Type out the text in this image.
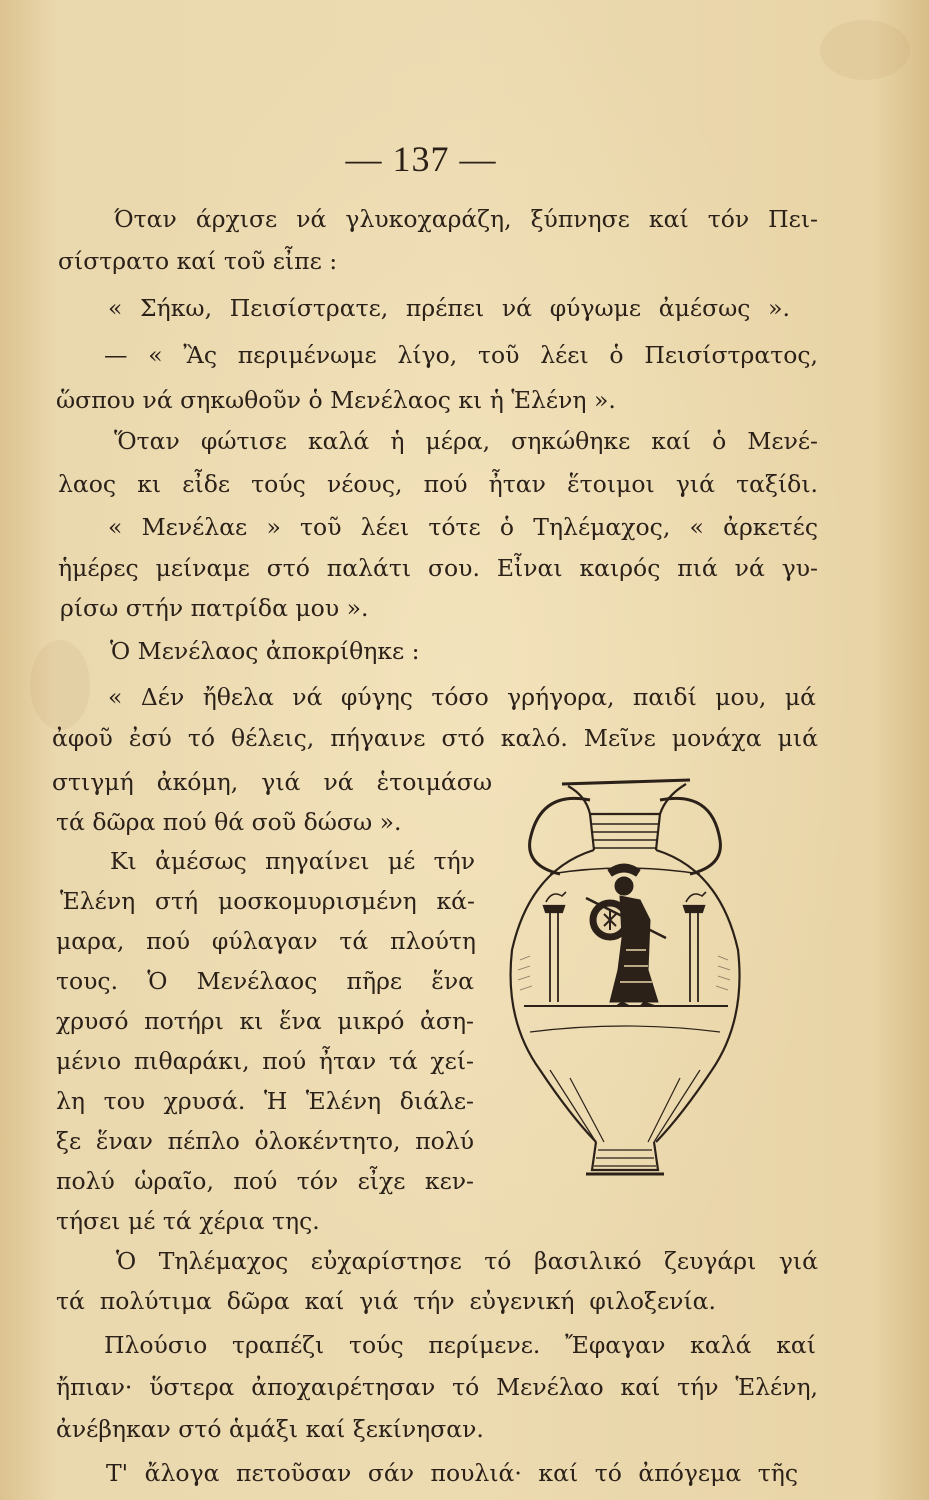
— 137 —
Όταν άρχισε νά γλυκοχαράζη, ξύπνησε καί τόν Πει-
σίστρατο καί τοῦ εἶπε :
« Σήκω, Πεισίστρατε, πρέπει νά φύγωμε ἀμέσως ».
— « Ἂς περιμένωμε λίγο, τοῦ λέει ὁ Πεισίστρατος,
ὥσπου νά σηκωθοῦν ὁ Μενέλαος κι ἡ Ἑλένη ».
Ὅταν φώτισε καλά ἡ μέρα, σηκώθηκε καί ὁ Μενέ-
λαος κι εἶδε τούς νέους, πού ἦταν ἕτοιμοι γιά ταξίδι.
« Μενέλαε » τοῦ λέει τότε ὁ Τηλέμαχος, « ἀρκετές
ἡμέρες μείναμε στό παλάτι σου. Εἶναι καιρός πιά νά γυ-
ρίσω στήν πατρίδα μου ».
Ὁ Μενέλαος ἀποκρίθηκε :
« Δέν ἤθελα νά φύγης τόσο γρήγορα, παιδί μου, μά
ἀφοῦ ἐσύ τό θέλεις, πήγαινε στό καλό. Μεῖνε μονάχα μιά
στιγμή ἀκόμη, γιά νά ἑτοιμάσω
τά δῶρα πού θά σοῦ δώσω ».
Κι ἀμέσως πηγαίνει μέ τήν
Ἑλένη στή μοσκομυρισμένη κά-
μαρα, πού φύλαγαν τά πλούτη
τους. Ὁ Μενέλαος πῆρε ἕνα
χρυσό ποτήρι κι ἕνα μικρό ἀση-
μένιο πιθαράκι, πού ἦταν τά χεί-
λη του χρυσά. Ἡ Ἑλένη διάλε-
ξε ἕναν πέπλο ὁλοκέντητο, πολύ
πολύ ὡραῖο, πού τόν εἶχε κεν-
τήσει μέ τά χέρια της.
Ὁ Τηλέμαχος εὐχαρίστησε τό βασιλικό ζευγάρι γιά
τά πολύτιμα δῶρα καί γιά τήν εὐγενική φιλοξενία.
Πλούσιο τραπέζι τούς περίμενε. Ἔφαγαν καλά καί
ἤπιαν· ὕστερα ἀποχαιρέτησαν τό Μενέλαο καί τήν Ἑλένη,
ἀνέβηκαν στό ἁμάξι καί ξεκίνησαν.
Τ' ἄλογα πετοῦσαν σάν πουλιά· καί τό ἀπόγεμα τῆς
